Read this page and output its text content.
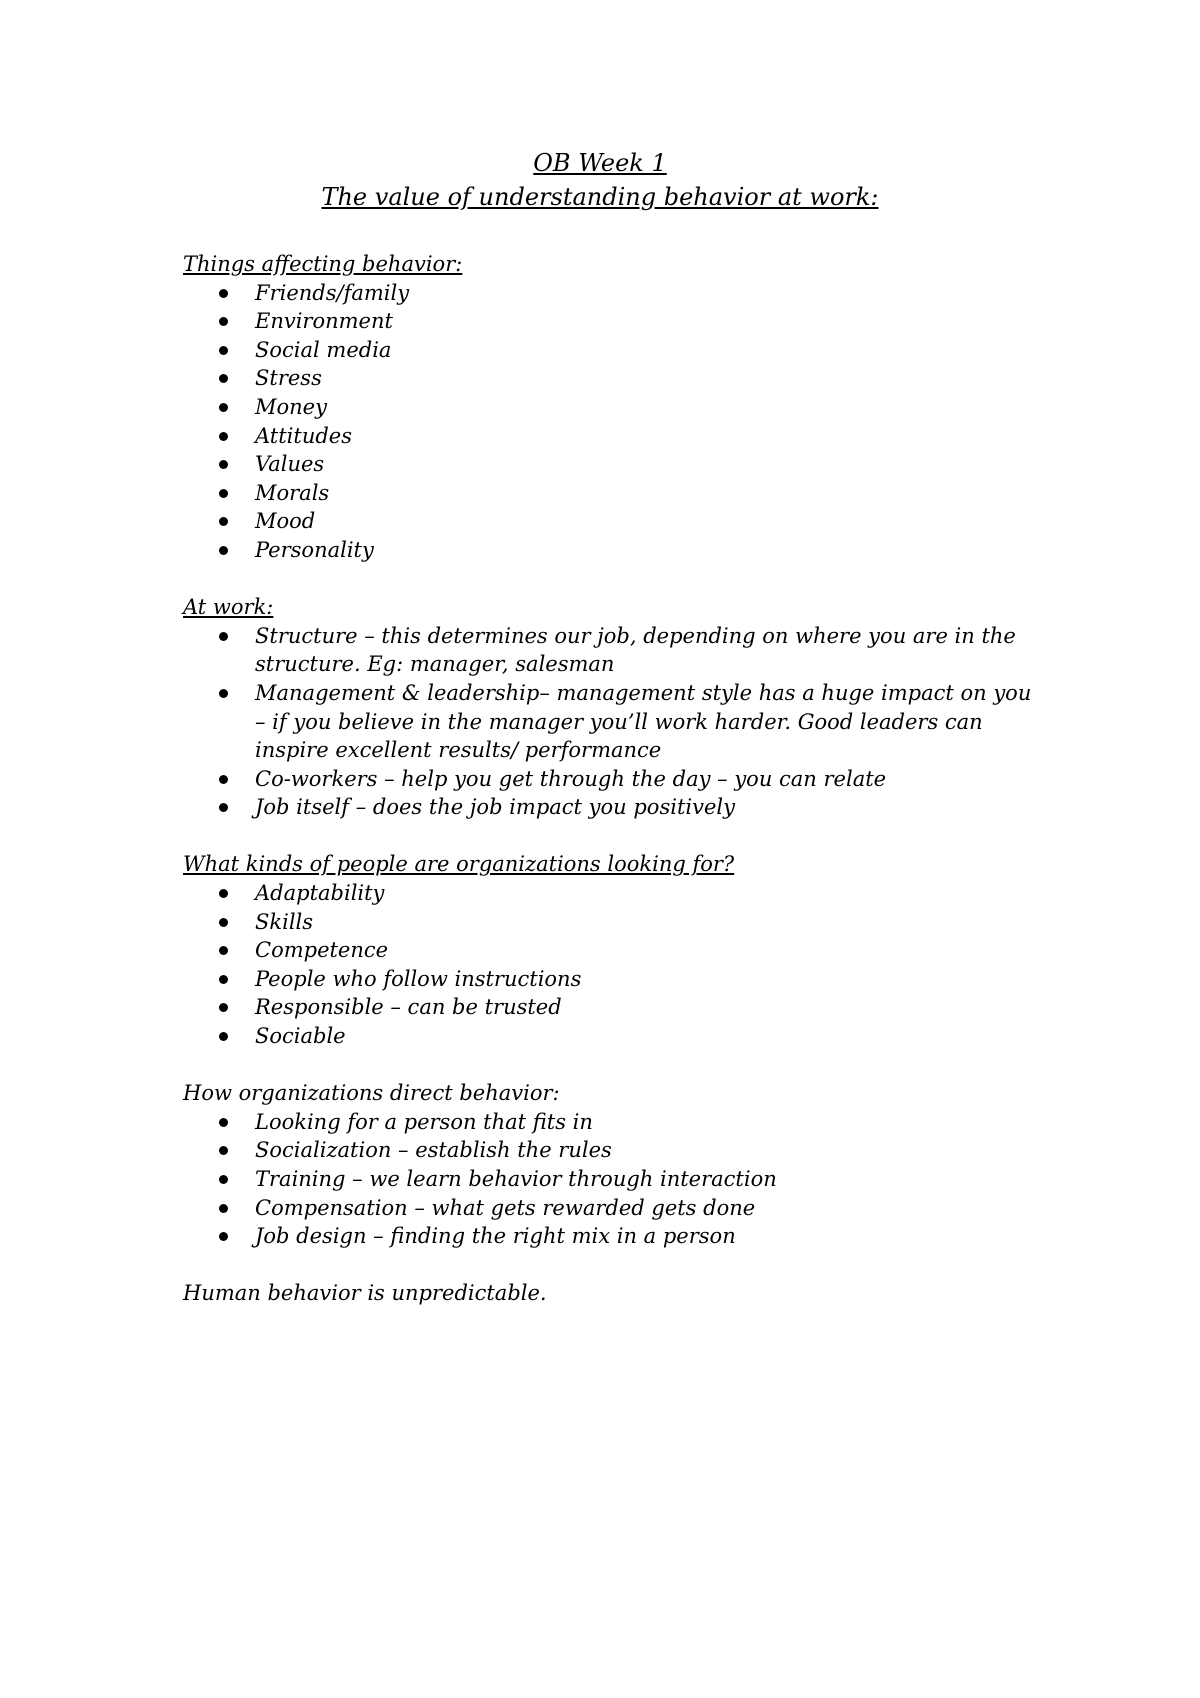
OB Week 1
The value of understanding behavior at work:
Things affecting behavior:
Friends/family
Environment
Social media
Stress
Money
Attitudes
Values
Morals
Mood
Personality
At work:
Structure – this determines our job, depending on where you are in the structure. Eg: manager, salesman
Management & leadership– management style has a huge impact on you – if you believe in the manager you’ll work harder. Good leaders can inspire excellent results/ performance
Co-workers – help you get through the day – you can relate
Job itself – does the job impact you positively
What kinds of people are organizations looking for?
Adaptability
Skills
Competence
People who follow instructions
Responsible – can be trusted
Sociable
How organizations direct behavior:
Looking for a person that fits in
Socialization – establish the rules
Training – we learn behavior through interaction
Compensation – what gets rewarded gets done
Job design – finding the right mix in a person
Human behavior is unpredictable.
